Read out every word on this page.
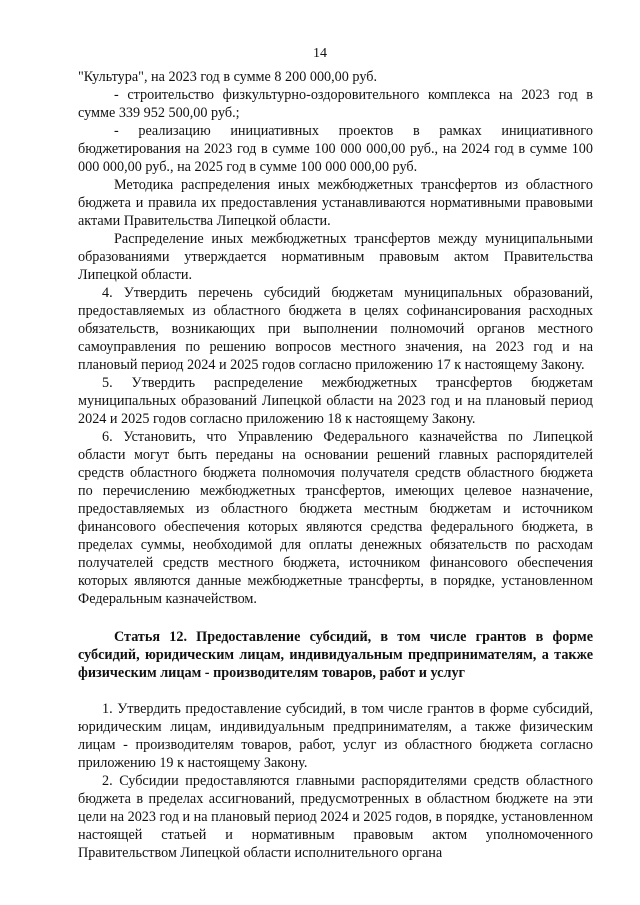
14

"Культура", на 2023 год в сумме 8 200 000,00 руб.

- строительство физкультурно-оздоровительного комплекса на 2023 год в сумме 339 952 500,00 руб.;

- реализацию инициативных проектов в рамках инициативного бюджетирования на 2023 год в сумме 100 000 000,00 руб., на 2024 год в сумме 100 000 000,00 руб., на 2025 год в сумме 100 000 000,00 руб.

Методика распределения иных межбюджетных трансфертов из областного бюджета и правила их предоставления устанавливаются нормативными правовыми актами Правительства Липецкой области.

Распределение иных межбюджетных трансфертов между муниципальными образованиями утверждается нормативным правовым актом Правительства Липецкой области.

4. Утвердить перечень субсидий бюджетам муниципальных образований, предоставляемых из областного бюджета в целях софинансирования расходных обязательств, возникающих при выполнении полномочий органов местного самоуправления по решению вопросов местного значения, на 2023 год и на плановый период 2024 и 2025 годов согласно приложению 17 к настоящему Закону.

5. Утвердить распределение межбюджетных трансфертов бюджетам муниципальных образований Липецкой области на 2023 год и на плановый период 2024 и 2025 годов согласно приложению 18 к настоящему Закону.

6. Установить, что Управлению Федерального казначейства по Липецкой области могут быть переданы на основании решений главных распорядителей средств областного бюджета полномочия получателя средств областного бюджета по перечислению межбюджетных трансфертов, имеющих целевое назначение, предоставляемых из областного бюджета местным бюджетам и источником финансового обеспечения которых являются средства федерального бюджета, в пределах суммы, необходимой для оплаты денежных обязательств по расходам получателей средств местного бюджета, источником финансового обеспечения которых являются данные межбюджетные трансферты, в порядке, установленном Федеральным казначейством.

Статья 12. Предоставление субсидий, в том числе грантов в форме субсидий, юридическим лицам, индивидуальным предпринимателям, а также физическим лицам - производителям товаров, работ и услуг

1. Утвердить предоставление субсидий, в том числе грантов в форме субсидий, юридическим лицам, индивидуальным предпринимателям, а также физическим лицам - производителям товаров, работ, услуг из областного бюджета согласно приложению 19 к настоящему Закону.

2. Субсидии предоставляются главными распорядителями средств областного бюджета в пределах ассигнований, предусмотренных в областном бюджете на эти цели на 2023 год и на плановый период 2024 и 2025 годов, в порядке, установленном настоящей статьей и нормативным правовым актом уполномоченного Правительством Липецкой области исполнительного органа
